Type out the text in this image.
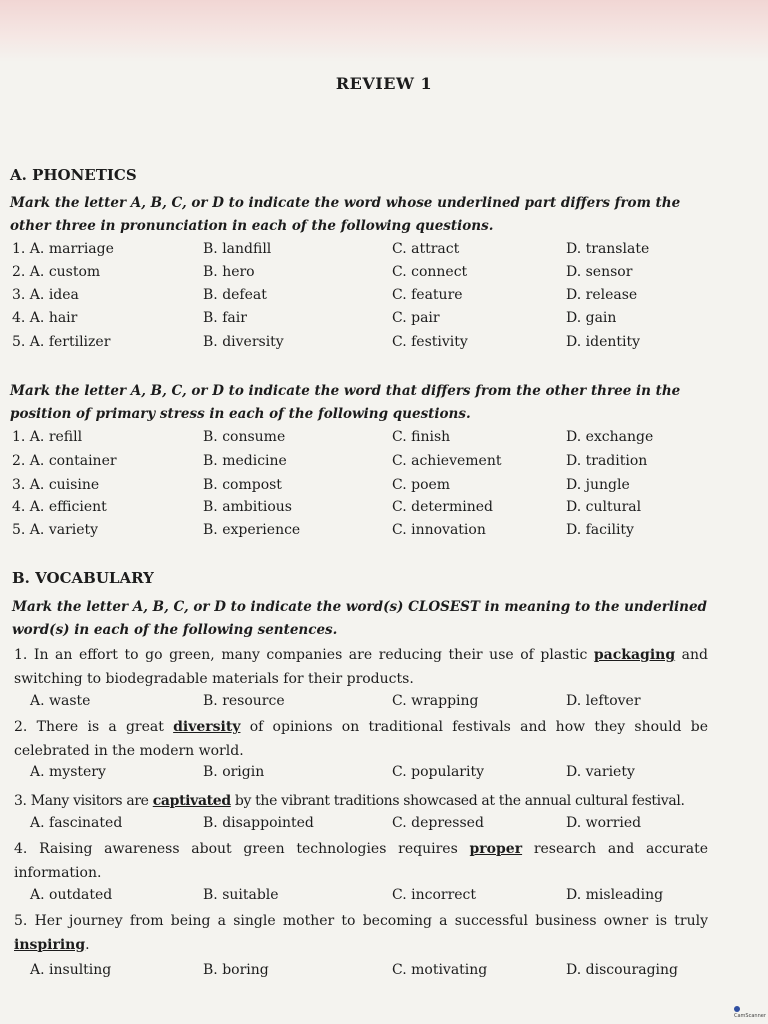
REVIEW 1
A. PHONETICS
Mark the letter A, B, C, or D to indicate the word whose underlined part differs from the other three in pronunciation in each of the following questions.
1. A. marriage	B. landfill	C. attract	D. translate
2. A. custom	B. hero	C. connect	D. sensor
3. A. idea	B. defeat	C. feature	D. release
4. A. hair	B. fair	C. pair	D. gain
5. A. fertilizer	B. diversity	C. festivity	D. identity
Mark the letter A, B, C, or D to indicate the word that differs from the other three in the position of primary stress in each of the following questions.
1. A. refill	B. consume	C. finish	D. exchange
2. A. container	B. medicine	C. achievement	D. tradition
3. A. cuisine	B. compost	C. poem	D. jungle
4. A. efficient	B. ambitious	C. determined	D. cultural
5. A. variety	B. experience	C. innovation	D. facility
B. VOCABULARY
Mark the letter A, B, C, or D to indicate the word(s) CLOSEST in meaning to the underlined word(s) in each of the following sentences.
1. In an effort to go green, many companies are reducing their use of plastic packaging and switching to biodegradable materials for their products.
A. waste	B. resource	C. wrapping	D. leftover
2. There is a great diversity of opinions on traditional festivals and how they should be celebrated in the modern world.
A. mystery	B. origin	C. popularity	D. variety
3. Many visitors are captivated by the vibrant traditions showcased at the annual cultural festival.
A. fascinated	B. disappointed	C. depressed	D. worried
4. Raising awareness about green technologies requires proper research and accurate information.
A. outdated	B. suitable	C. incorrect	D. misleading
5. Her journey from being a single mother to becoming a successful business owner is truly inspiring.
A. insulting	B. boring	C. motivating	D. discouraging
CamScanner
